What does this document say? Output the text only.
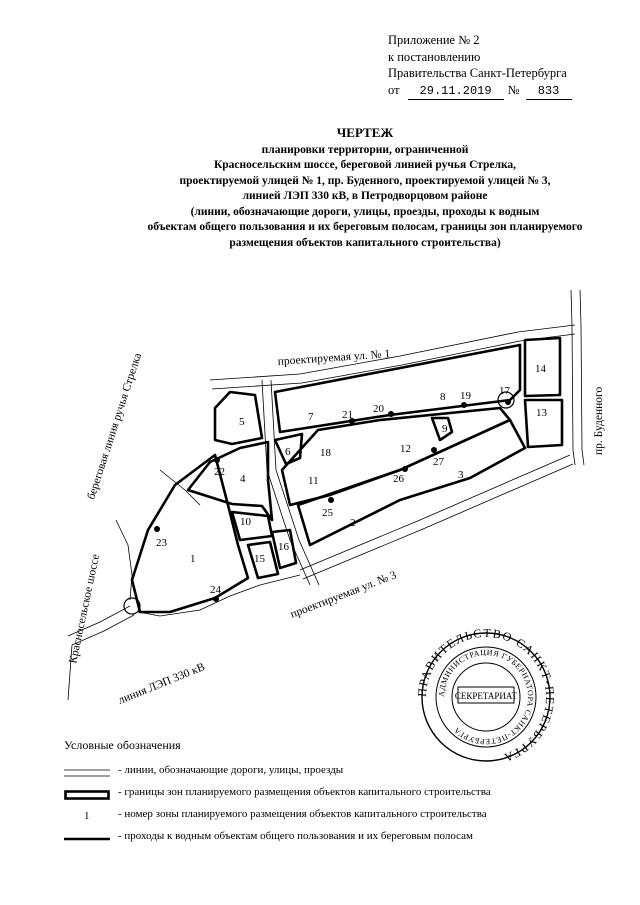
Приложение № 2
к постановлению
Правительства Санкт-Петербурга
от	29.11.2019	№	833
ЧЕРТЕЖ
планировки территории, ограниченной
Красносельским шоссе, береговой линией ручья Стрелка,
проектируемой улицей № 1, пр. Буденного, проектируемой улицей № 3,
линией ЛЭП 330 кВ, в Петродворцовом районе
(линии, обозначающие дороги, улицы, проезды, проходы к водным
объектам общего пользования и их береговым полосам, границы зон планируемого
размещения объектов капитального строительства)
1
2
3
4
5
6
7
8
9
10
11
12
13
14
15
16
17
18
19
20
21
22
23
24
25
26
27
проектируемая ул. № 1
береговая линия ручья Стрелка	пр. Буденного
Красносельское шоссе	проектируемая ул. № 3
линия ЛЭП 330 кВ	ПРАВИТЕЛЬСТВО САНКТ-ПЕТЕРБУРГА
АДМИНИСТРАЦИЯ ГУБЕРНАТОРА САНКТ-ПЕТЕРБУРГА
СЕКРЕТАРИАТ
Условные обозначения
- линии, обозначающие дороги, улицы, проезды
- границы зон планируемого размещения объектов капитального строительства
1	- номер зоны планируемого размещения объектов капитального строительства
- проходы к водным объектам общего пользования и их береговым полосам
